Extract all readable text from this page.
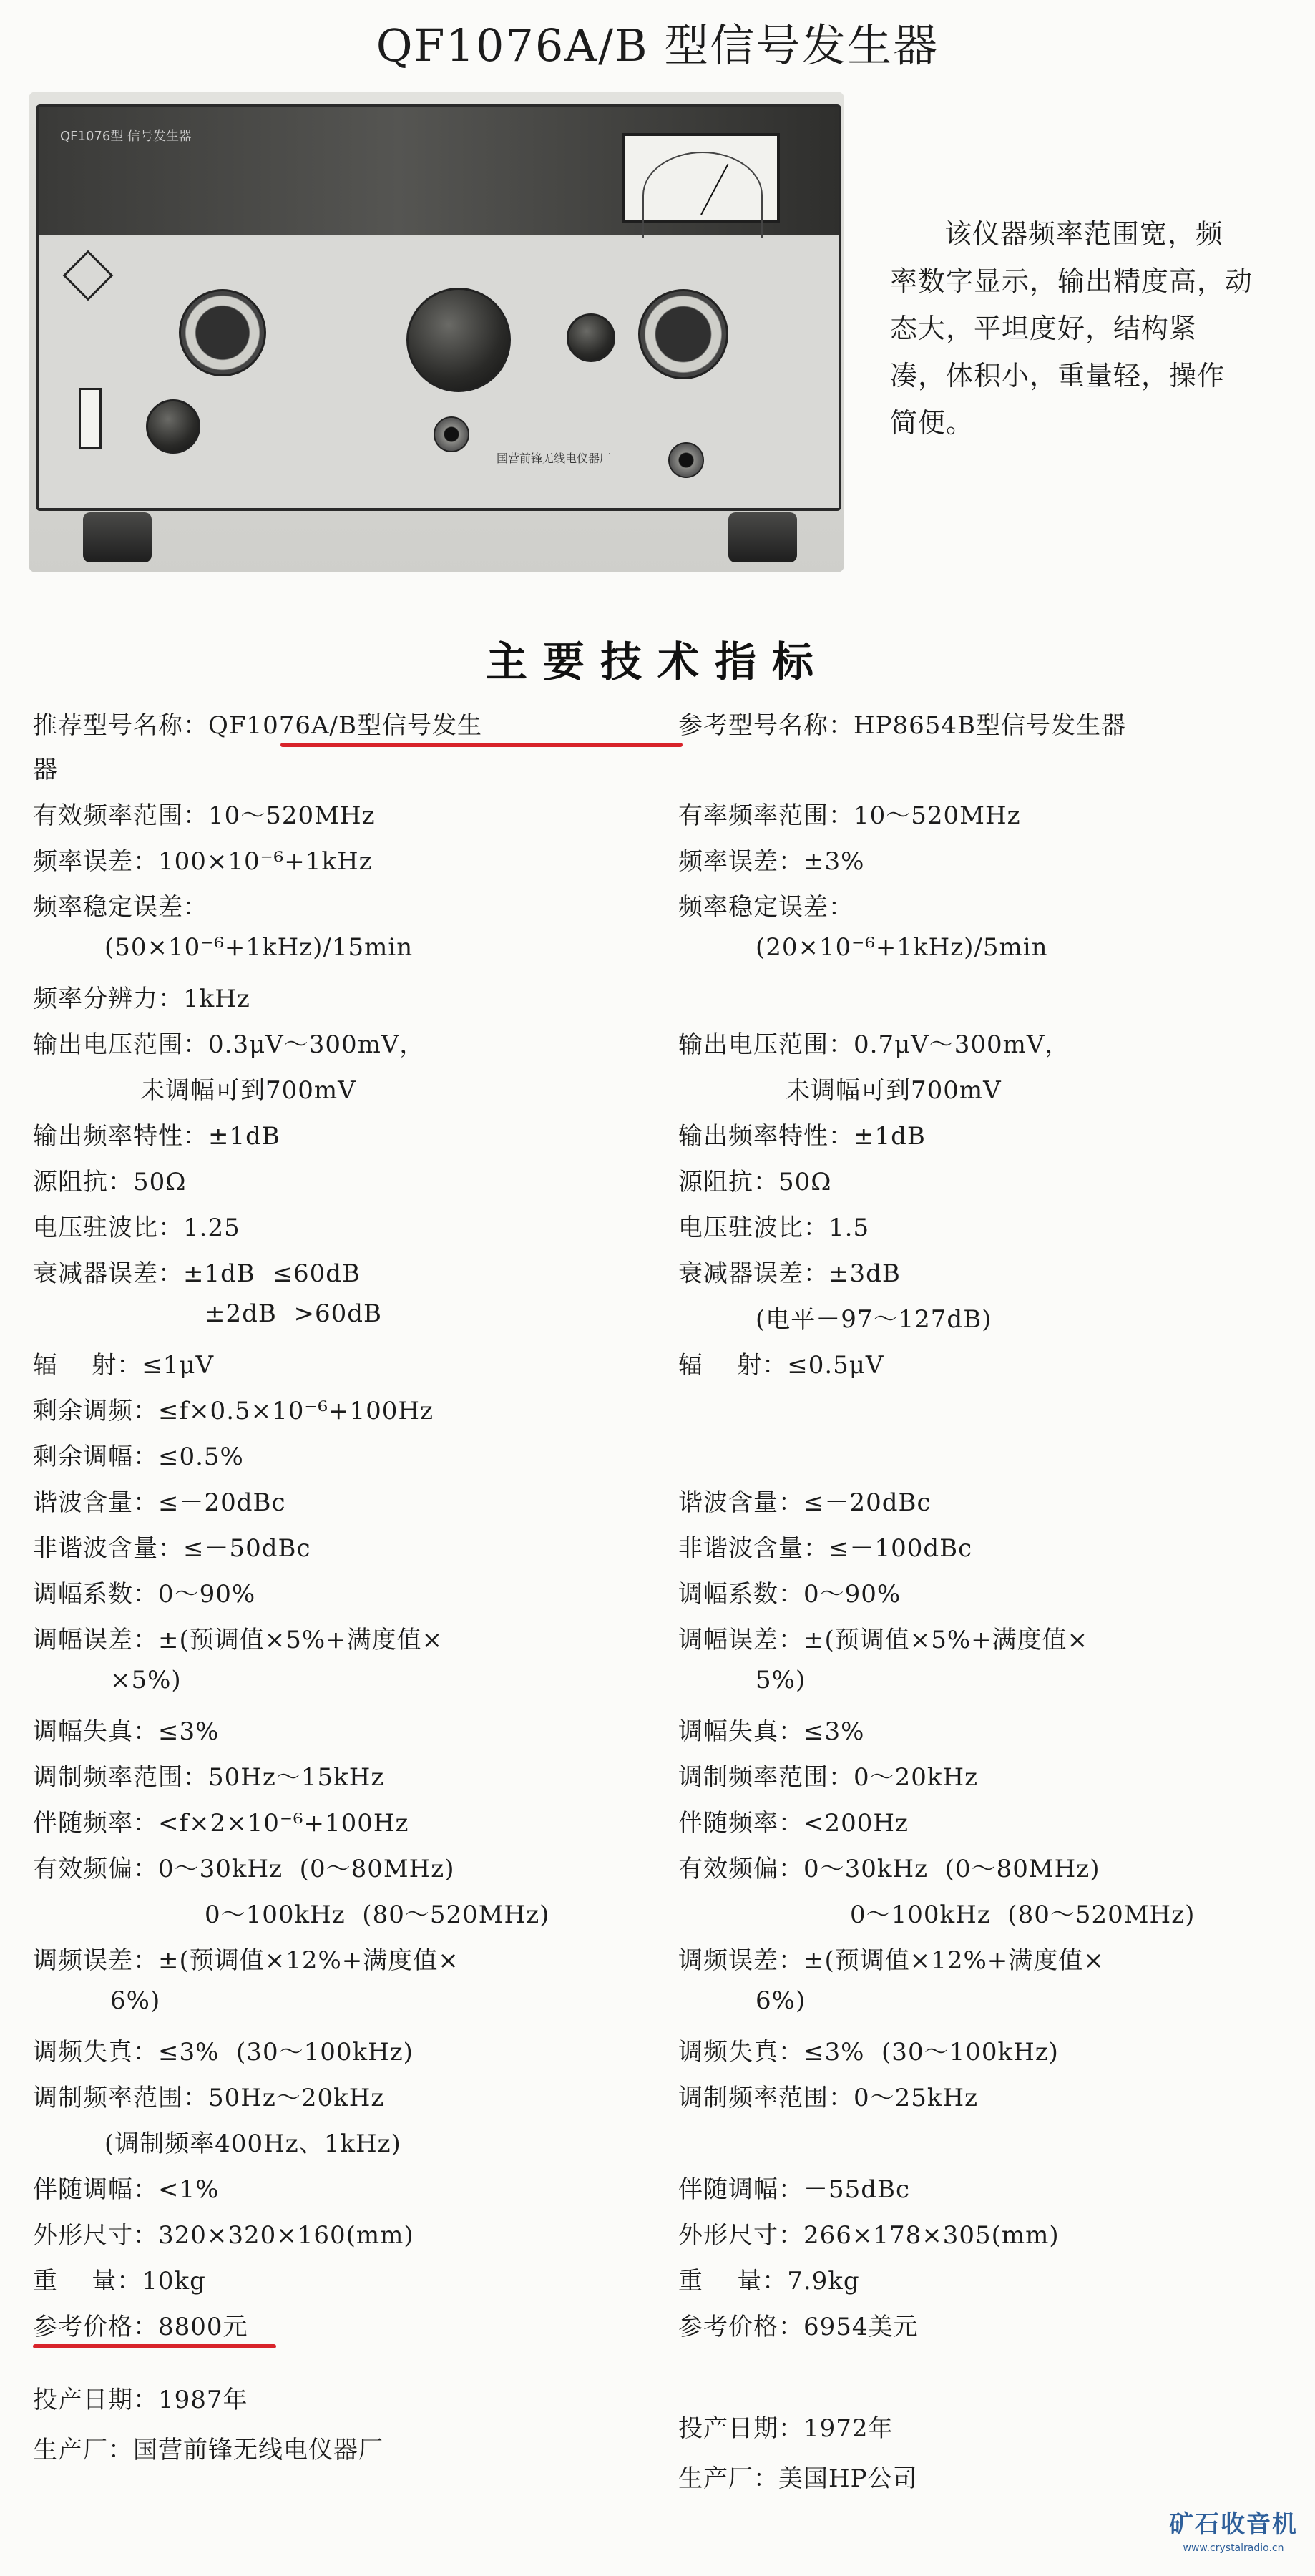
QF1076A/B 型信号发生器
QF1076型 信号发生器
国营前锋无线电仪器厂
该仪器频率范围宽，频
率数字显示，输出精度高，动
态大，平坦度好，结构紧
凑，体积小，重量轻，操作
简便。
主要技术指标
推荐型号名称：QF1076A/B型信号发生
器
有效频率范围：10～520MHz
频率误差：100×10⁻⁶+1kHz
频率稳定误差：
(50×10⁻⁶+1kHz)/15min
频率分辨力：1kHz
输出电压范围：0.3μV～300mV，
未调幅可到700mV
输出频率特性：±1dB
源阻抗：50Ω
电压驻波比：1.25
衰减器误差：±1dB  ≤60dB
±2dB  >60dB
辐    射：≤1μV
剩余调频：≤f×0.5×10⁻⁶+100Hz
剩余调幅：≤0.5%
谐波含量：≤－20dBc
非谐波含量：≤－50dBc
调幅系数：0～90%
调幅误差：±(预调值×5%+满度值×
×5%)
调幅失真：≤3%
调制频率范围：50Hz～15kHz
伴随频率：<f×2×10⁻⁶+100Hz
有效频偏：0～30kHz  (0～80MHz)
0～100kHz  (80～520MHz)
调频误差：±(预调值×12%+满度值×
6%)
调频失真：≤3%  (30～100kHz)
调制频率范围：50Hz～20kHz
(调制频率400Hz、1kHz)
伴随调幅：<1%
外形尺寸：320×320×160(mm)
重    量：10kg
参考价格：8800元
投产日期：1987年
生产厂：国营前锋无线电仪器厂
参考型号名称：HP8654B型信号发生器
有率频率范围：10～520MHz
频率误差：±3%
频率稳定误差：
(20×10⁻⁶+1kHz)/5min
输出电压范围：0.7μV～300mV，
未调幅可到700mV
输出频率特性：±1dB
源阻抗：50Ω
电压驻波比：1.5
衰减器误差：±3dB
(电平－97～127dB)
辐    射：≤0.5μV
谐波含量：≤－20dBc
非谐波含量：≤－100dBc
调幅系数：0～90%
调幅误差：±(预调值×5%+满度值×
5%)
调幅失真：≤3%
调制频率范围：0～20kHz
伴随频率：<200Hz
有效频偏：0～30kHz  (0～80MHz)
0～100kHz  (80～520MHz)
调频误差：±(预调值×12%+满度值×
6%)
调频失真：≤3%  (30～100kHz)
调制频率范围：0～25kHz
伴随调幅：－55dBc
外形尺寸：266×178×305(mm)
重    量：7.9kg
参考价格：6954美元
投产日期：1972年
生产厂：美国HP公司
矿石收音机
www.crystalradio.cn
